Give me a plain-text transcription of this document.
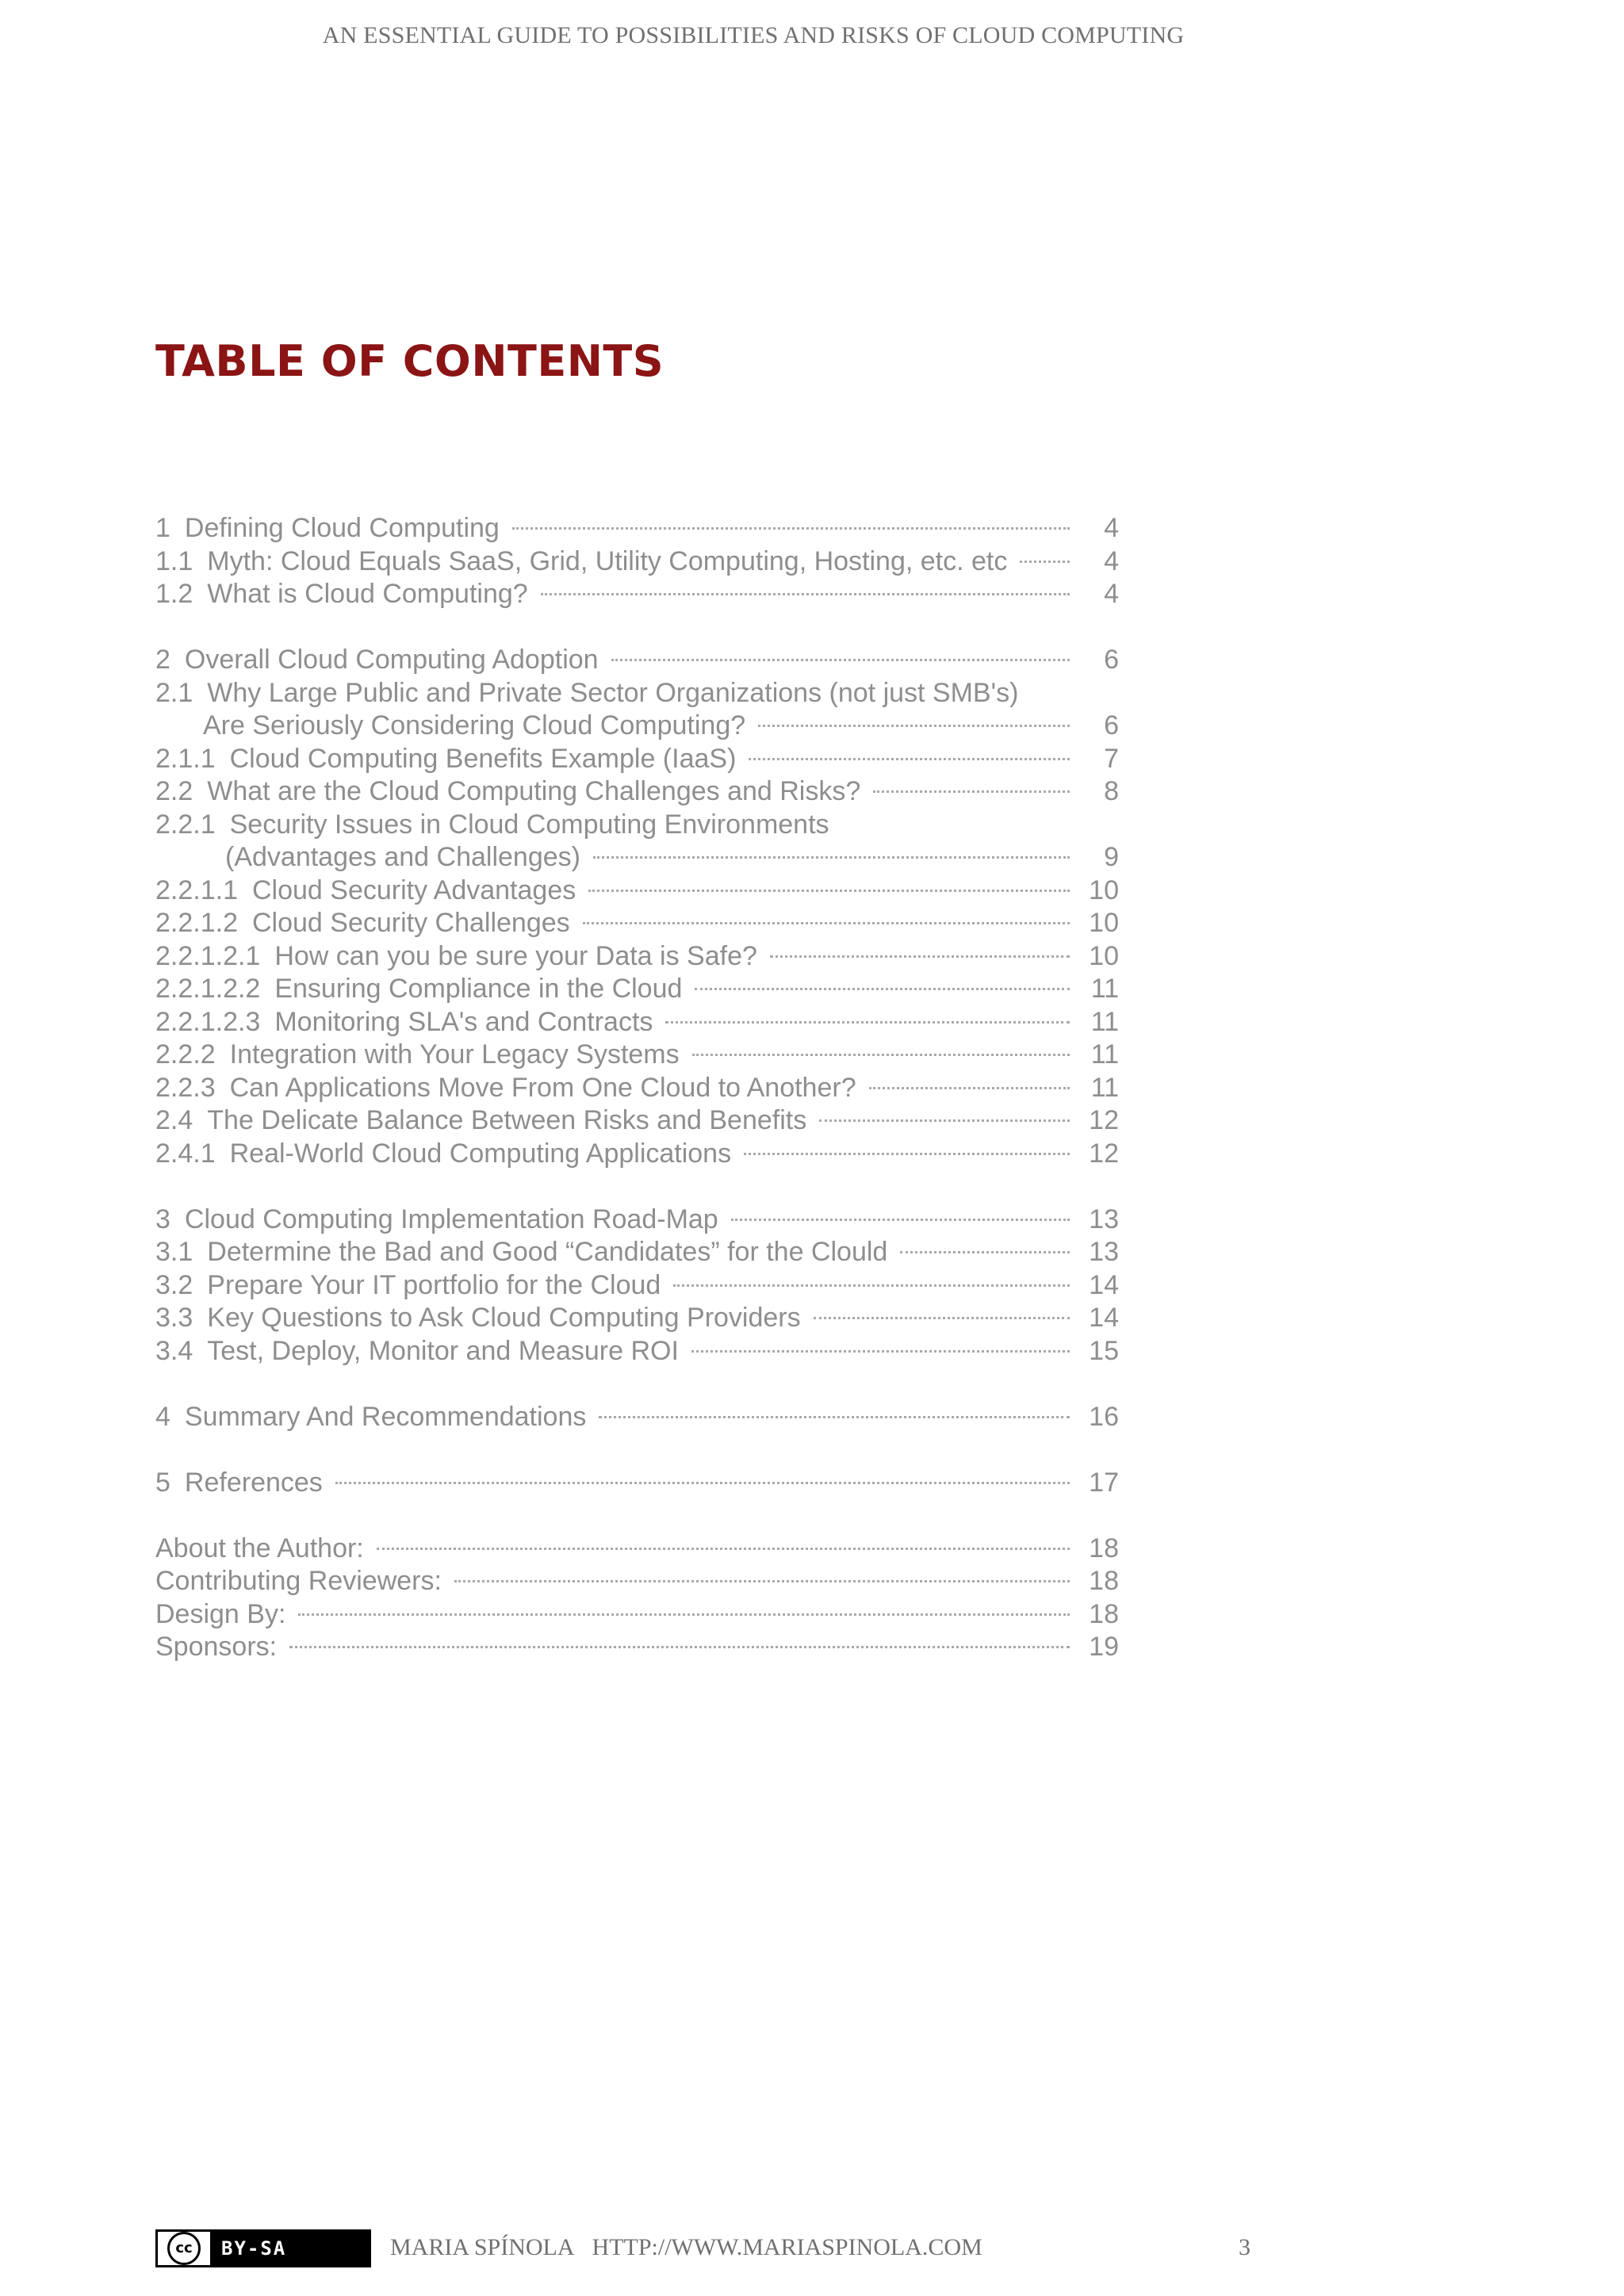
AN ESSENTIAL GUIDE TO POSSIBILITIES AND RISKS OF CLOUD COMPUTING
TABLE OF CONTENTS
1 Defining Cloud Computing	4
1.1 Myth: Cloud Equals SaaS, Grid, Utility Computing, Hosting, etc. etc	4
1.2 What is Cloud Computing?	4
2 Overall Cloud Computing Adoption	6
2.1 Why Large Public and Private Sector Organizations (not just SMB's)
Are Seriously Considering Cloud Computing?	6
2.1.1 Cloud Computing Benefits Example (IaaS)	7
2.2 What are the Cloud Computing Challenges and Risks?	8
2.2.1 Security Issues in Cloud Computing Environments
(Advantages and Challenges)	9
2.2.1.1 Cloud Security Advantages	10
2.2.1.2 Cloud Security Challenges	10
2.2.1.2.1 How can you be sure your Data is Safe?	10
2.2.1.2.2 Ensuring Compliance in the Cloud	11
2.2.1.2.3 Monitoring SLA's and Contracts	11
2.2.2 Integration with Your Legacy Systems	11
2.2.3 Can Applications Move From One Cloud to Another?	11
2.4 The Delicate Balance Between Risks and Benefits	12
2.4.1 Real-World Cloud Computing Applications	12
3 Cloud Computing Implementation Road-Map	13
3.1 Determine the Bad and Good “Candidates” for the Clould	13
3.2 Prepare Your IT portfolio for the Cloud	14
3.3 Key Questions to Ask Cloud Computing Providers	14
3.4 Test, Deploy, Monitor and Measure ROI	15
4 Summary And Recommendations	16
5 References	17
About the Author:	18
Contributing Reviewers:	18
Design By:	18
Sponsors:	19
cc	BY-SA	MARIA SPÍNOLA HTTP://WWW.MARIASPINOLA.COM	3
